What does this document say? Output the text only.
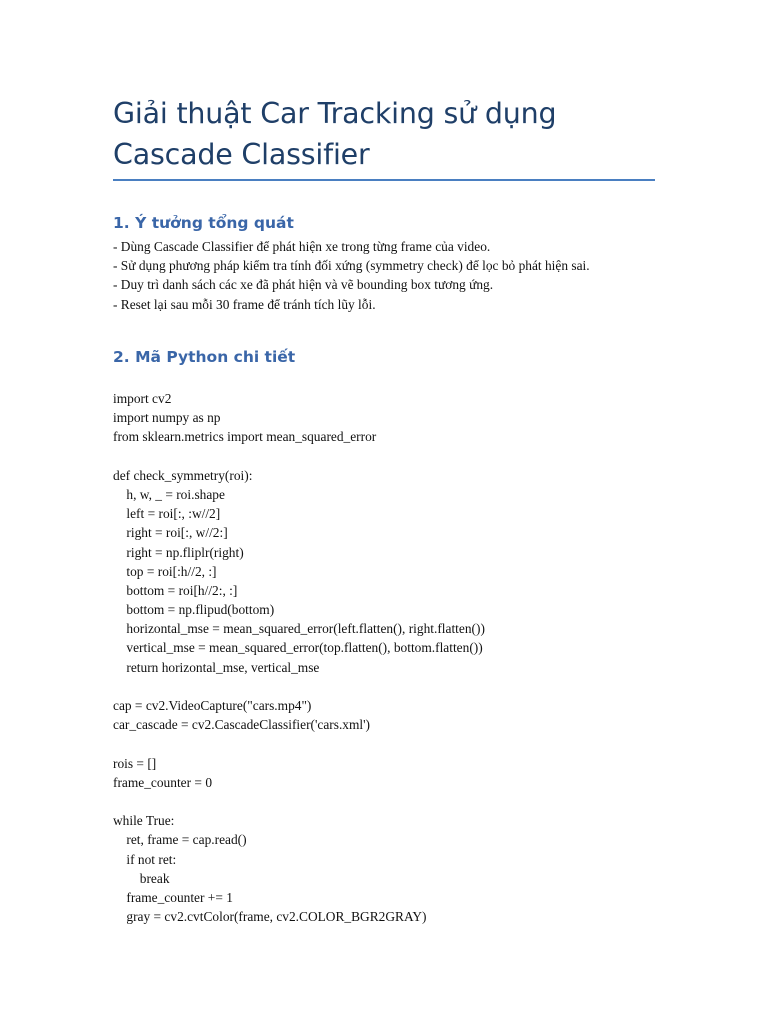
Giải thuật Car Tracking sử dụng Cascade Classifier
1. Ý tưởng tổng quát
- Dùng Cascade Classifier để phát hiện xe trong từng frame của video.
- Sử dụng phương pháp kiểm tra tính đối xứng (symmetry check) để lọc bỏ phát hiện sai.
- Duy trì danh sách các xe đã phát hiện và vẽ bounding box tương ứng.
- Reset lại sau mỗi 30 frame để tránh tích lũy lỗi.
2. Mã Python chi tiết
import cv2
import numpy as np
from sklearn.metrics import mean_squared_error
def check_symmetry(roi):
h, w, _ = roi.shape
left = roi[:, :w//2]
right = roi[:, w//2:]
right = np.fliplr(right)
top = roi[:h//2, :]
bottom = roi[h//2:, :]
bottom = np.flipud(bottom)
horizontal_mse = mean_squared_error(left.flatten(), right.flatten())
vertical_mse = mean_squared_error(top.flatten(), bottom.flatten())
return horizontal_mse, vertical_mse
cap = cv2.VideoCapture("cars.mp4")
car_cascade = cv2.CascadeClassifier('cars.xml')
rois = []
frame_counter = 0
while True:
ret, frame = cap.read()
if not ret:
break
frame_counter += 1
gray = cv2.cvtColor(frame, cv2.COLOR_BGR2GRAY)
